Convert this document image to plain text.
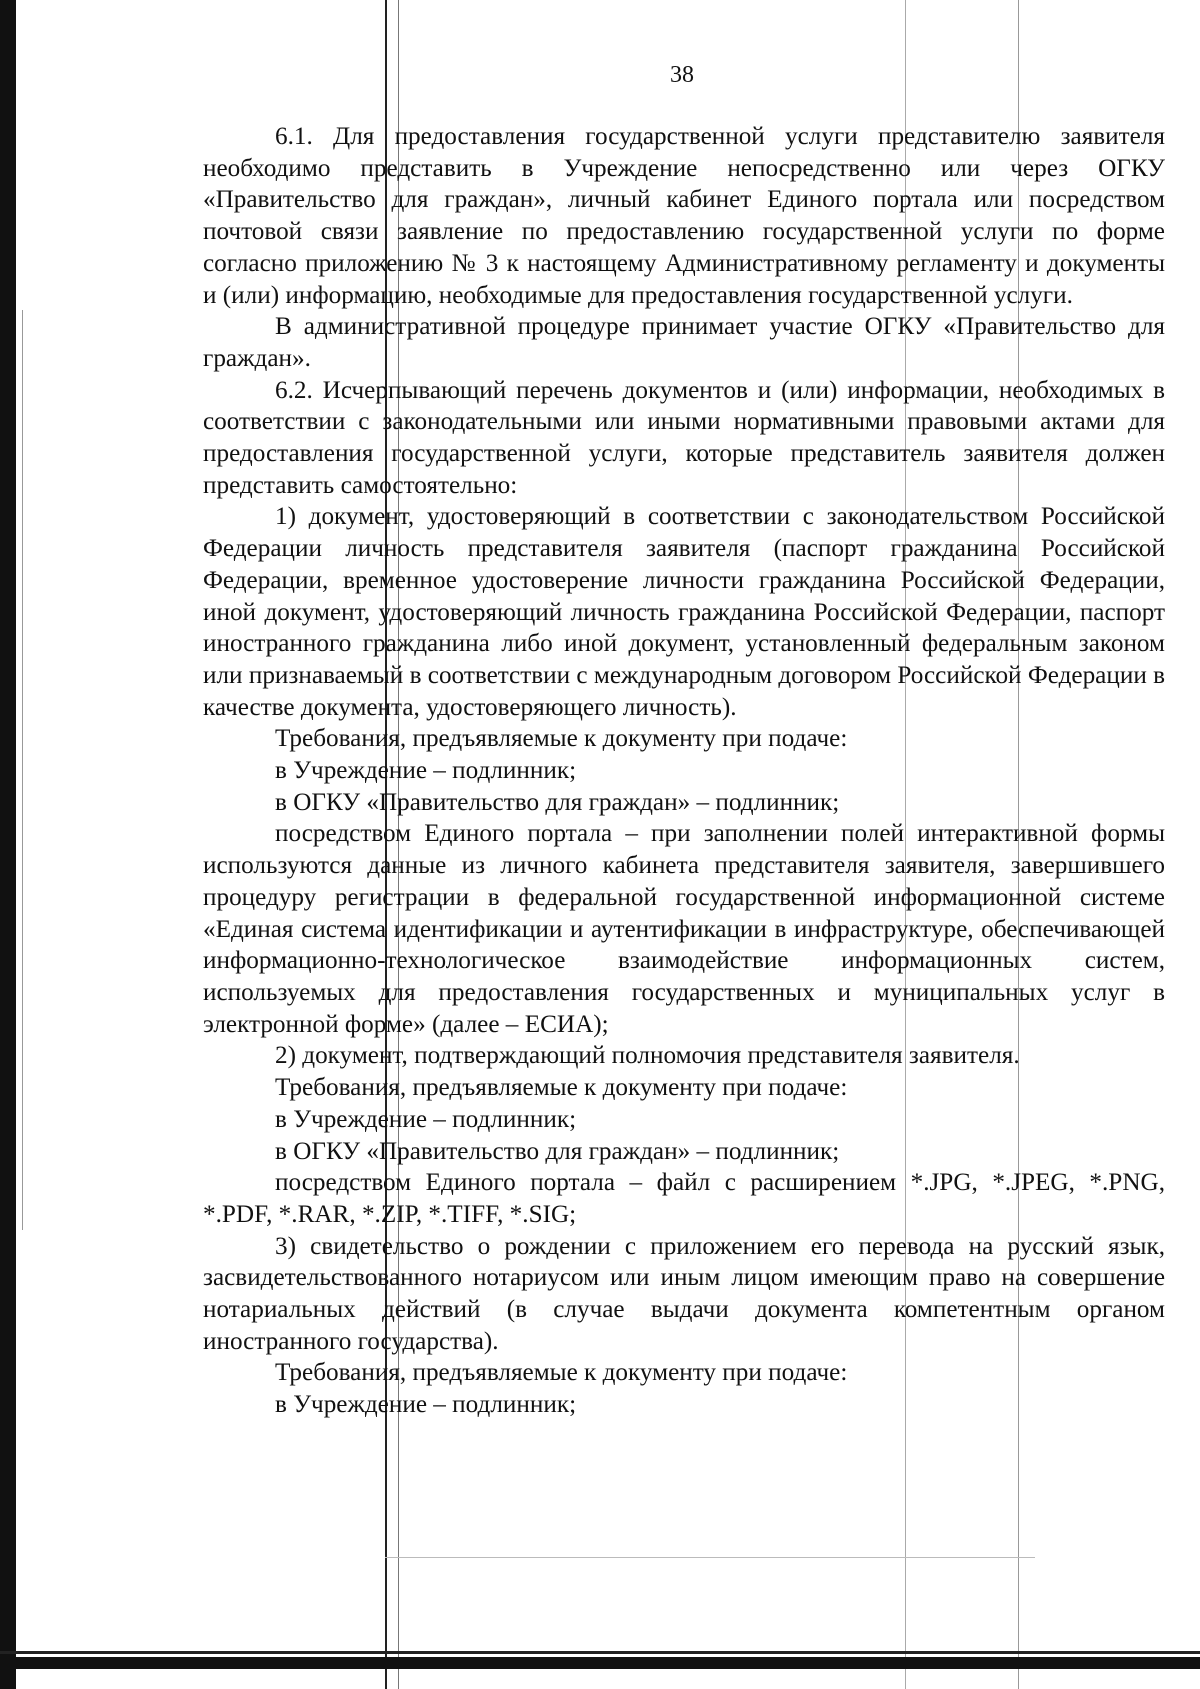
38

6.1. Для предоставления государственной услуги представителю заявителя необходимо представить в Учреждение непосредственно или через ОГКУ «Правительство для граждан», личный кабинет Единого портала или посредством почтовой связи заявление по предоставлению государственной услуги по форме согласно приложению № 3 к настоящему Административному регламенту и документы и (или) информацию, необходимые для предоставления государственной услуги.

В административной процедуре принимает участие ОГКУ «Правительство для граждан».

6.2. Исчерпывающий перечень документов и (или) информации, необходимых в соответствии с законодательными или иными нормативными правовыми актами для предоставления государственной услуги, которые представитель заявителя должен представить самостоятельно:

1) документ, удостоверяющий в соответствии с законодательством Российской Федерации личность представителя заявителя (паспорт гражданина Российской Федерации, временное удостоверение личности гражданина Российской Федерации, иной документ, удостоверяющий личность гражданина Российской Федерации, паспорт иностранного гражданина либо иной документ, установленный федеральным законом или признаваемый в соответствии с международным договором Российской Федерации в качестве документа, удостоверяющего личность).

Требования, предъявляемые к документу при подаче:

в Учреждение – подлинник;

в ОГКУ «Правительство для граждан» – подлинник;

посредством Единого портала – при заполнении полей интерактивной формы используются данные из личного кабинета представителя заявителя, завершившего процедуру регистрации в федеральной государственной информационной системе «Единая система идентификации и аутентификации в инфраструктуре, обеспечивающей информационно-технологическое взаимодействие информационных систем, используемых для предоставления государственных и муниципальных услуг в электронной форме» (далее – ЕСИА);

2) документ, подтверждающий полномочия представителя заявителя.

Требования, предъявляемые к документу при подаче:

в Учреждение – подлинник;

в ОГКУ «Правительство для граждан» – подлинник;

посредством Единого портала – файл с расширением *.JPG, *.JPEG, *.PNG, *.PDF, *.RAR, *.ZIP, *.TIFF, *.SIG;

3) свидетельство о рождении с приложением его перевода на русский язык, засвидетельствованного нотариусом или иным лицом имеющим право на совершение нотариальных действий (в случае выдачи документа компетентным органом иностранного государства).

Требования, предъявляемые к документу при подаче:

в Учреждение – подлинник;
